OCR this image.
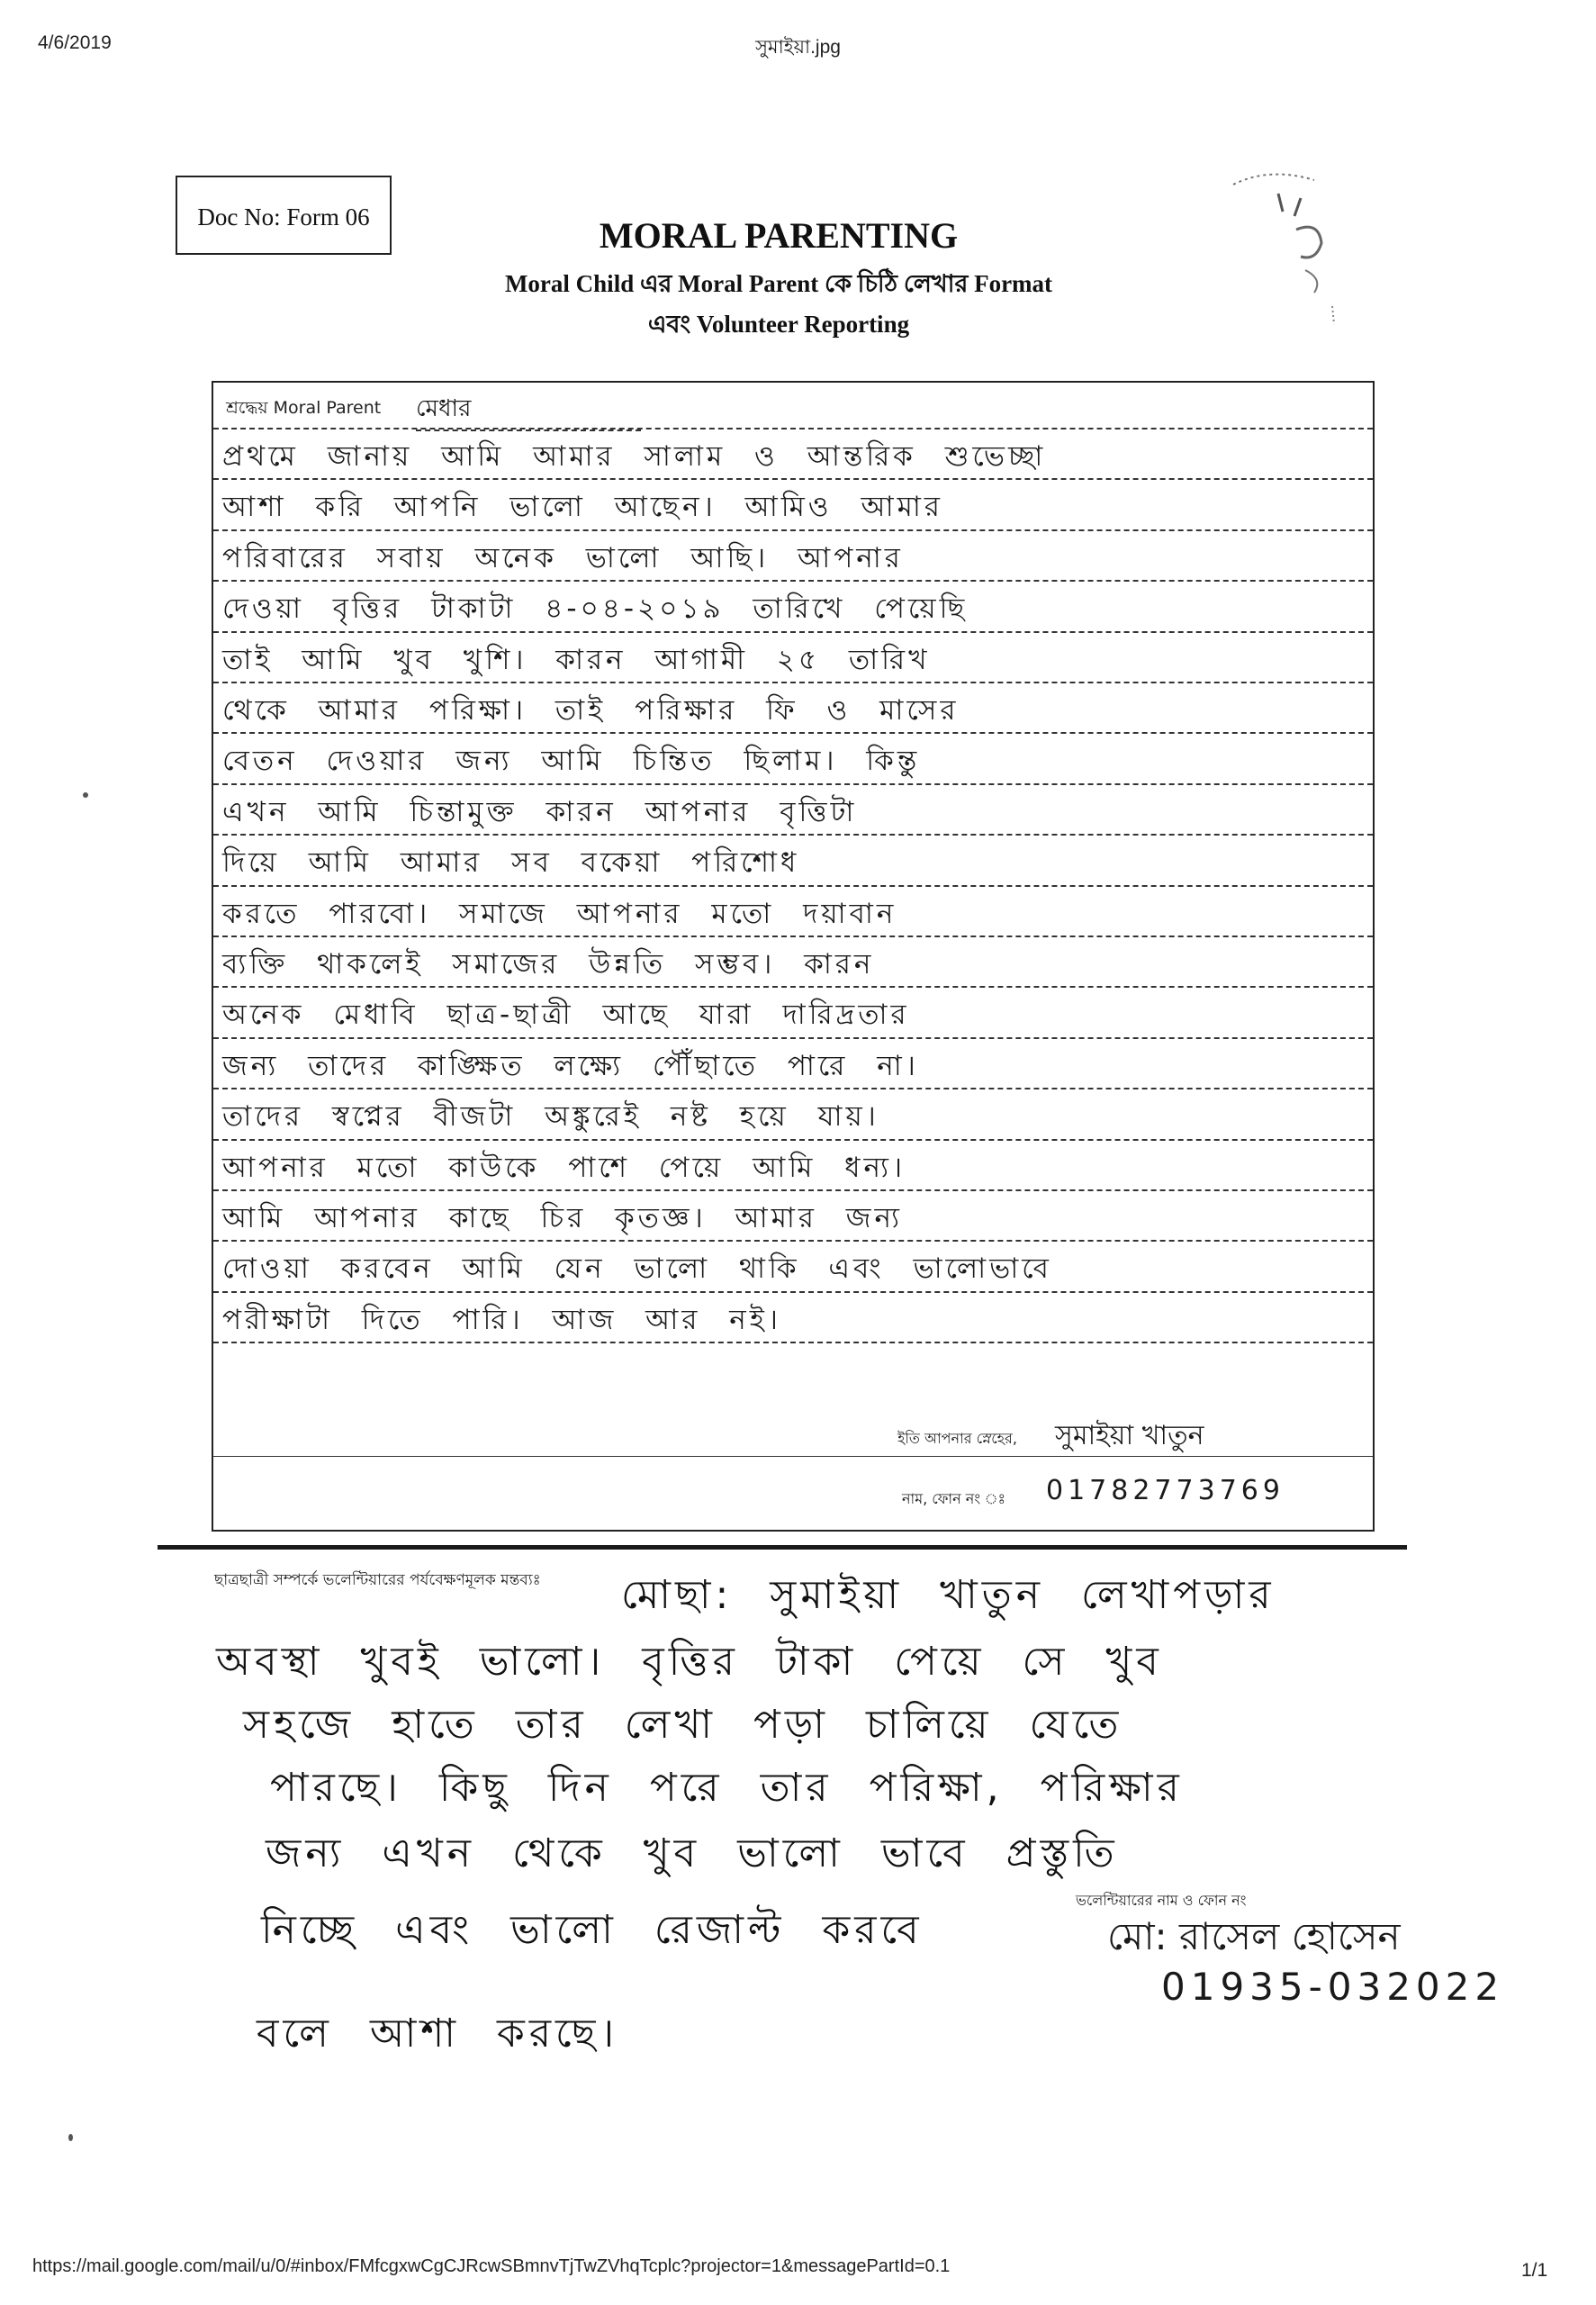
4/6/2019	সুমাইয়া.jpg
Doc No: Form 06	MORAL PARENTING
Moral Child এর Moral Parent কে চিঠি লেখার Format
এবং Volunteer Reporting
শ্রদ্ধেয় Moral Parent মেধার
প্রথমে জানায় আমি আমার সালাম ও আন্তরিক শুভেচ্ছা
আশা করি আপনি ভালো আছেন। আমিও আমার
পরিবারের সবায় অনেক ভালো আছি। আপনার
দেওয়া বৃত্তির টাকাটা ৪-০৪-২০১৯ তারিখে পেয়েছি
তাই আমি খুব খুশি। কারন আগামী ২৫ তারিখ
থেকে আমার পরিক্ষা। তাই পরিক্ষার ফি ও মাসের
বেতন দেওয়ার জন্য আমি চিন্তিত ছিলাম। কিন্তু
এখন আমি চিন্তামুক্ত কারন আপনার বৃত্তিটা
দিয়ে আমি আমার সব বকেয়া পরিশোধ
করতে পারবো। সমাজে আপনার মতো দয়াবান
ব্যক্তি থাকলেই সমাজের উন্নতি সম্ভব। কারন
অনেক মেধাবি ছাত্র-ছাত্রী আছে যারা দারিদ্রতার
জন্য তাদের কাঙ্ক্ষিত লক্ষ্যে পৌঁছাতে পারে না।
তাদের স্বপ্নের বীজটা অঙ্কুরেই নষ্ট হয়ে যায়।
আপনার মতো কাউকে পাশে পেয়ে আমি ধন্য।
আমি আপনার কাছে চির কৃতজ্ঞ। আমার জন্য
দোওয়া করবেন আমি যেন ভালো থাকি এবং ভালোভাবে
পরীক্ষাটা দিতে পারি। আজ আর নই।
ইতি আপনার স্নেহের, সুমাইয়া খাতুন
নাম, ফোন নং ঃ 01782773769
ছাত্রছাত্রী সম্পর্কে ভলেন্টিয়ারের পর্যবেক্ষণমূলক মন্তব্যঃ মোছা: সুমাইয়া খাতুন লেখাপড়ার
অবস্থা খুবই ভালো। বৃত্তির টাকা পেয়ে সে খুব
সহজে হাতে তার লেখা পড়া চালিয়ে যেতে
পারছে। কিছু দিন পরে তার পরিক্ষা, পরিক্ষার
জন্য এখন থেকে খুব ভালো ভাবে প্রস্তুতি
নিচ্ছে এবং ভালো রেজাল্ট করবে
বলে আশা করছে।
ভলেন্টিয়ারের নাম ও ফোন নং
মো: রাসেল হোসেন
01935-032022
https://mail.google.com/mail/u/0/#inbox/FMfcgxwCgCJRcwSBmnvTjTwZVhqTcplc?projector=1&messagePartId=0.1	1/1
